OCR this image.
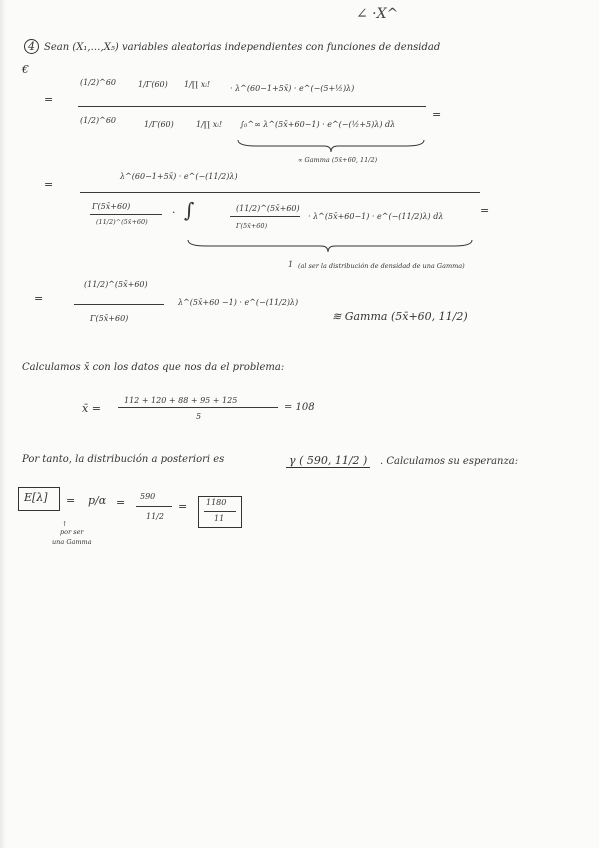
∠ ·X^
4 Sean (X₁,…,X₅) variables aleatorias independientes con funciones de densidad
€
=
(1/2)^60	1/Γ(60) 1/∏ xᵢ! · λ^(60−1+5x̄) · e^(−(5+½)λ)
(1/2)^60	1/Γ(60)	1/∏ xᵢ! ∫₀^∞ λ^(5x̄+60−1) · e^(−(½+5)λ) dλ
∝ Gamma (5x̄+60, 11/2)
=
=
λ^(60−1+5x̄) · e^(−(11/2)λ)
Γ(5x̄+60)
(11/2)^(5x̄+60)
· ∫	(11/2)^(5x̄+60)
Γ(5x̄+60)
· λ^(5x̄+60−1) · e^(−(11/2)λ) dλ	=
1 (al ser la distribución de densidad de una Gamma)
=
(11/2)^(5x̄+60)
Γ(5x̄+60)
λ^(5x̄+60 −1) · e^(−(11/2)λ)
≋ Gamma (5x̄+60, 11/2)
Calculamos x̄ con los datos que nos da el problema:
x̄ =
112 + 120 + 88 + 95 + 125
5
= 108
Por tanto, la distribución a posteriori es	γ ( 590, 11/2 )	. Calculamos su esperanza:
E[λ] = p/α = 590
11/2
= 1180
11
↑
por ser
una Gamma
